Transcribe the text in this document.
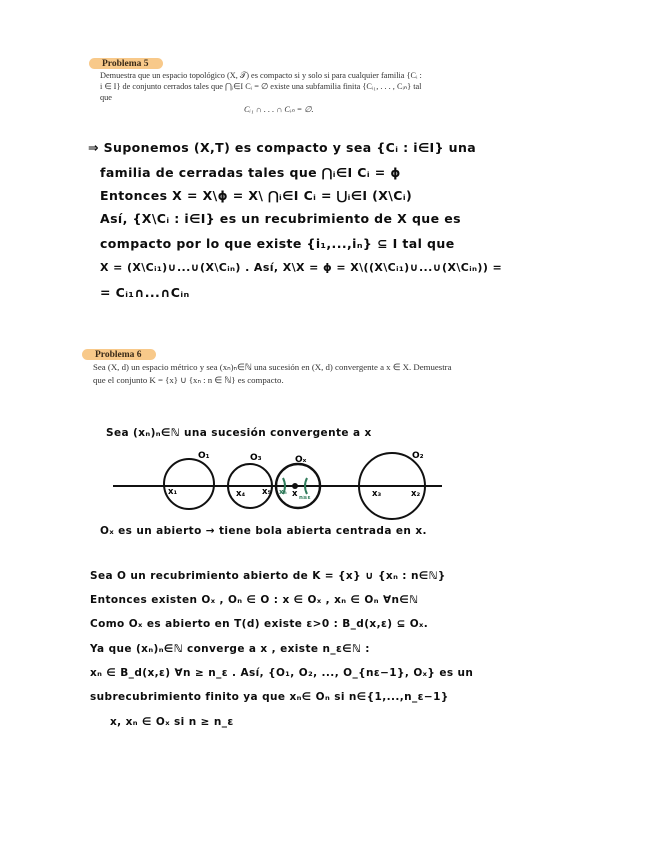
Problema 5
Demuestra que un espacio topológico (X, 𝒯) es compacto si y solo si para cualquier familia {Cᵢ :
i ∈ I} de conjunto cerrados tales que ⋂ᵢ∈I Cᵢ = ∅ existe una subfamilia finita {Cᵢ₁, . . . , Cᵢₙ} tal
que
Cᵢ₁ ∩ . . . ∩ Cᵢₙ = ∅.
⇒ Suponemos (X,T) es compacto y sea {Cᵢ : i∈I} una
familia de cerradas tales que ⋂ᵢ∈I Cᵢ = ϕ
Entonces X = X\ϕ = X\ ⋂ᵢ∈I Cᵢ = ⋃ᵢ∈I (X\Cᵢ)
Así, {X\Cᵢ : i∈I} es un recubrimiento de X que es
compacto por lo que existe {i₁,...,iₙ} ⊆ I tal que
X = (X\Cᵢ₁)∪...∪(X\Cᵢₙ) . Así, X\X = ϕ = X\((X\Cᵢ₁)∪...∪(X\Cᵢₙ)) =
= Cᵢ₁∩...∩Cᵢₙ
Problema 6
Sea (X, d) un espacio métrico y sea (xₙ)ₙ∈ℕ una sucesión en (X, d) convergente a x ∈ X. Demuestra
que el conjunto K = {x} ∪ {xₙ : n ∈ ℕ} es compacto.
Sea (xₙ)ₙ∈ℕ una sucesión convergente a x
O₁	O₃	Oₓ	O₂
x₁	x₄ x₅ xₙ x n≥ε	x₃	x₂
Oₓ es un abierto → tiene bola abierta centrada en x.
Sea O un recubrimiento abierto de K = {x} ∪ {xₙ : n∈ℕ}
Entonces existen Oₓ , Oₙ ∈ O : x ∈ Oₓ , xₙ ∈ Oₙ ∀n∈ℕ
Como Oₓ es abierto en T(d) existe ε>0 : B_d(x,ε) ⊆ Oₓ.
Ya que (xₙ)ₙ∈ℕ converge a x , existe n_ε∈ℕ :
xₙ ∈ B_d(x,ε) ∀n ≥ n_ε . Así, {O₁, O₂, ..., O_{nε−1}, Oₓ} es un
subrecubrimiento finito ya que xₙ∈ Oₙ si n∈{1,...,n_ε−1}
x, xₙ ∈ Oₓ si n ≥ n_ε
